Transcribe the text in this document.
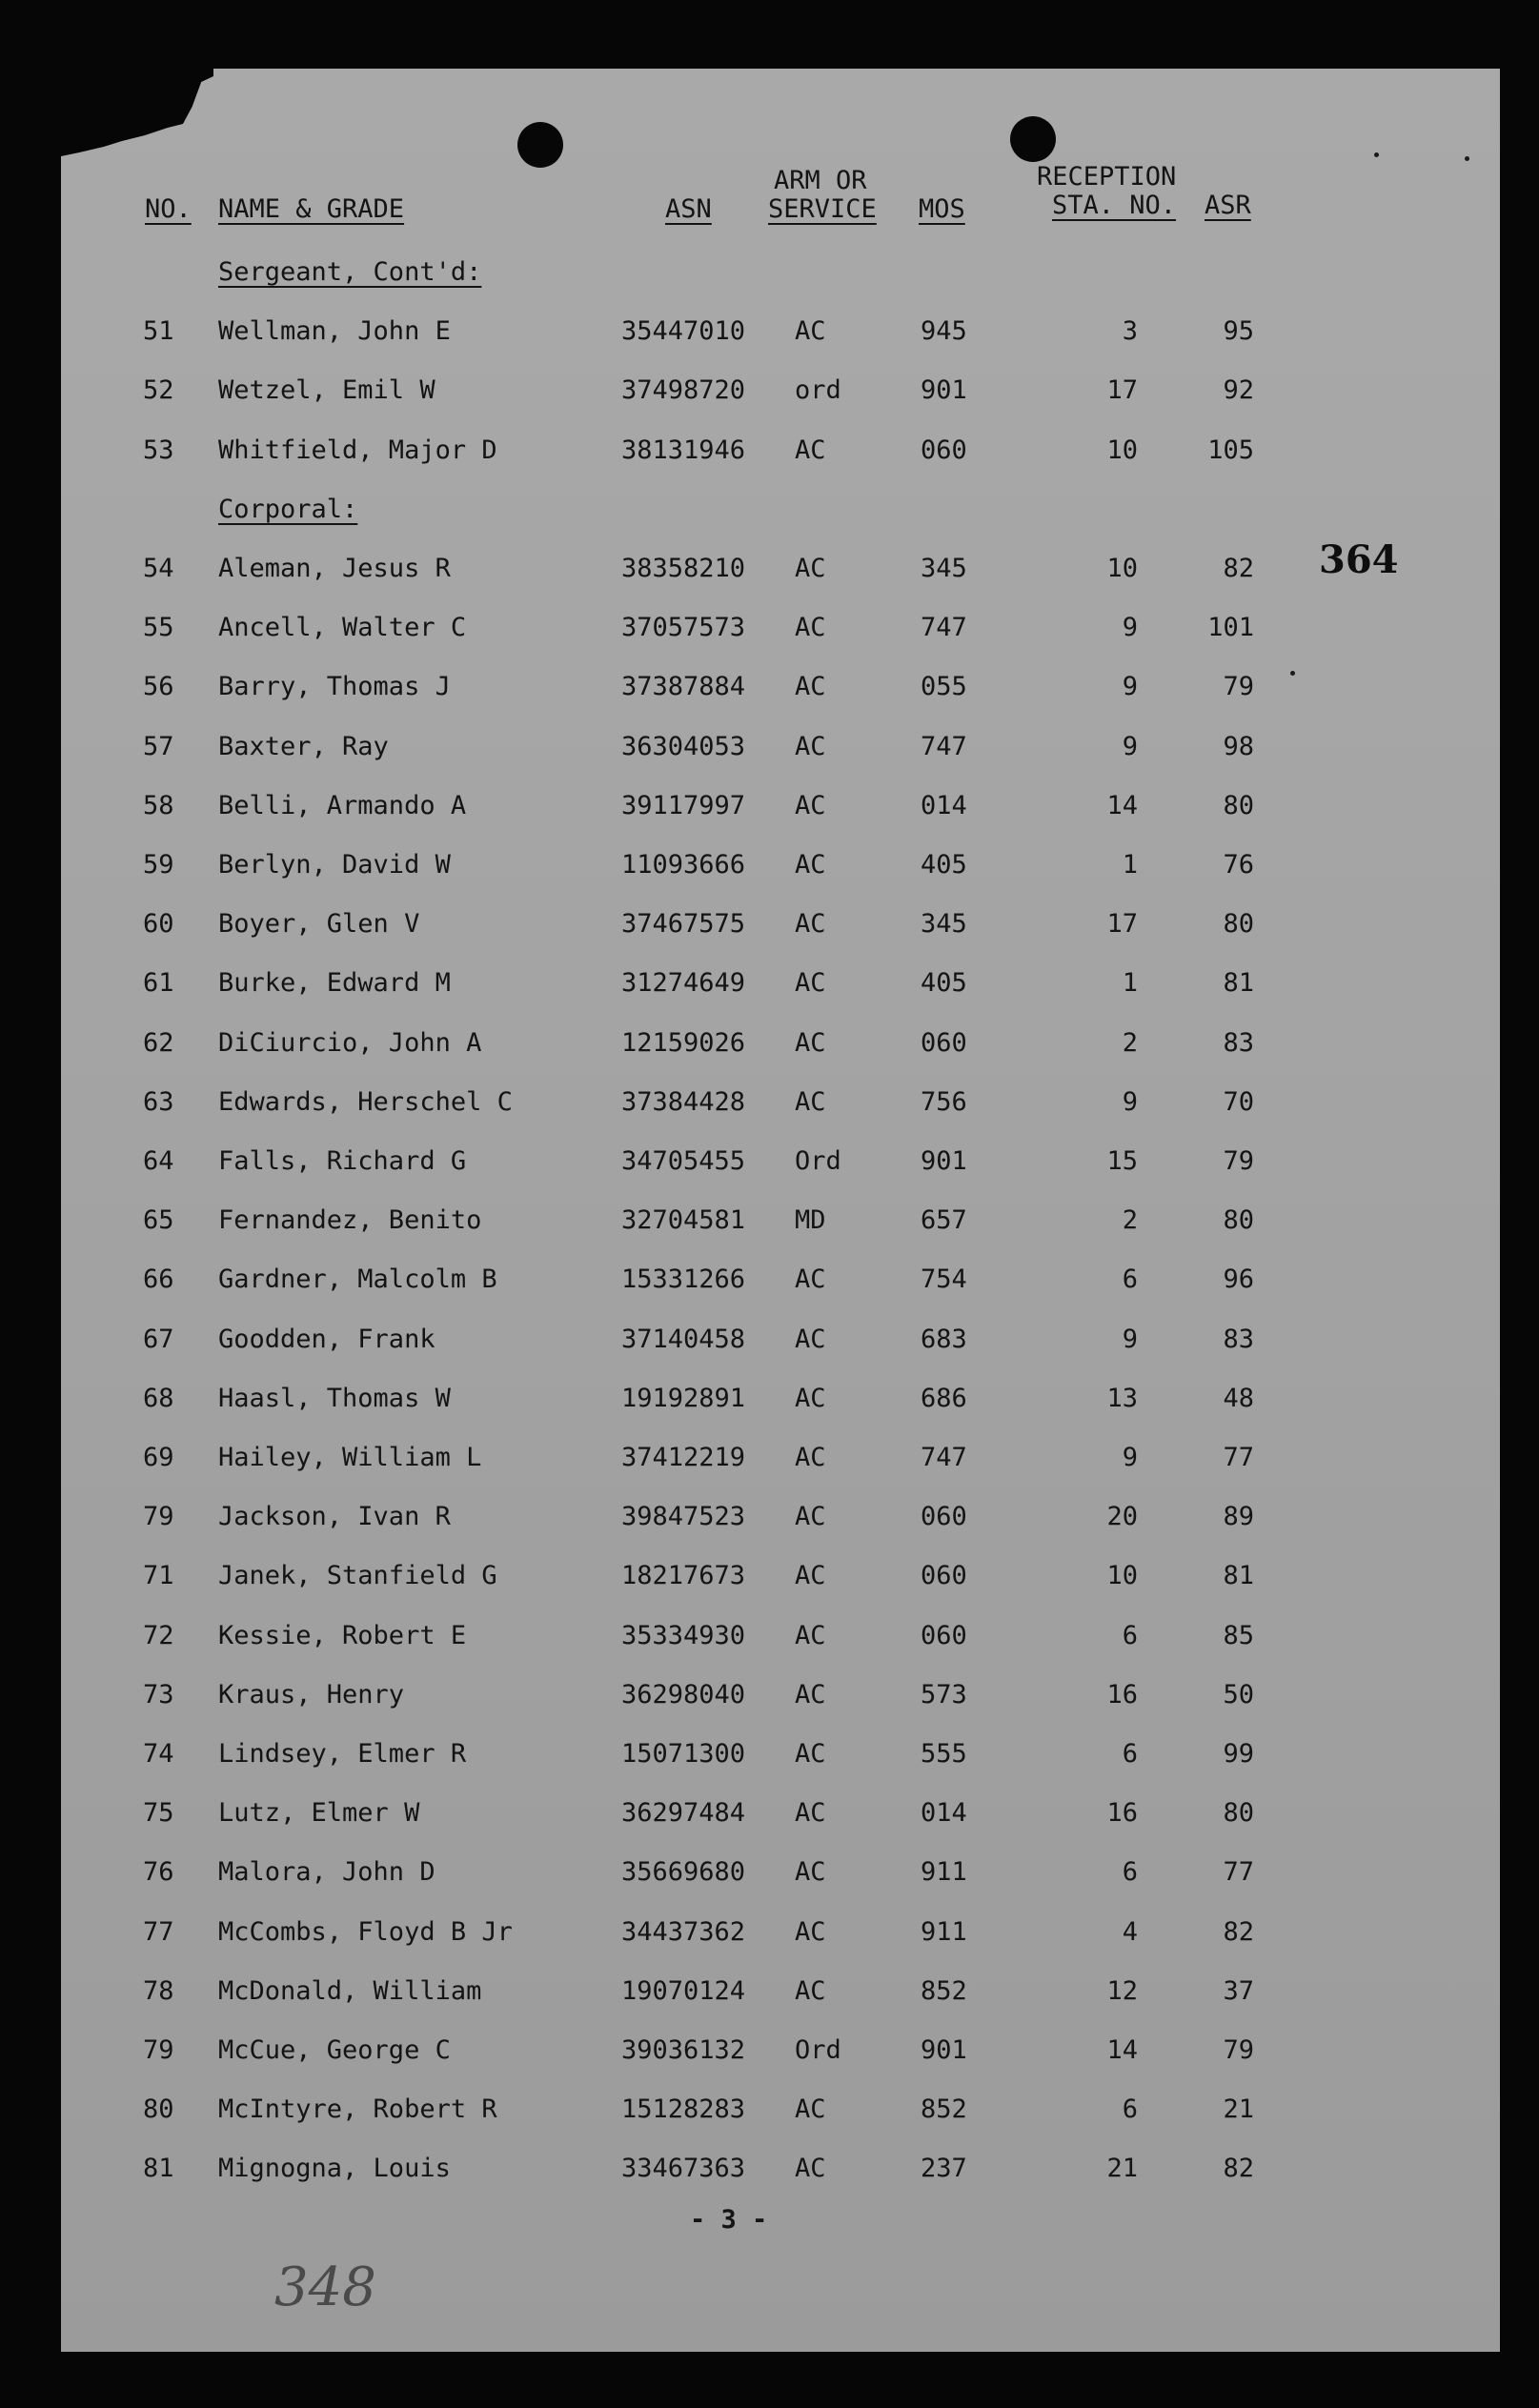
NO. NAME & GRADE	ASN
ARM OR
SERVICE MOS
RECEPTION
STA. NO. ASR
Sergeant, Cont'd:
51 Wellman, John E	35447010 AC	945	3	95
52 Wetzel, Emil W	37498720 ord	901	17	92
53 Whitfield, Major D	38131946 AC	060	10	105
Corporal:
54 Aleman, Jesus R	38358210 AC	345	10	82
55 Ancell, Walter C	37057573 AC	747	9	101
56 Barry, Thomas J	37387884 AC	055	9	79
57 Baxter, Ray	36304053 AC	747	9	98
58 Belli, Armando A	39117997 AC	014	14	80
59 Berlyn, David W	11093666 AC	405	1	76
60 Boyer, Glen V	37467575 AC	345	17	80
61 Burke, Edward M	31274649 AC	405	1	81
62 DiCiurcio, John A	12159026 AC	060	2	83
63 Edwards, Herschel C	37384428 AC	756	9	70
64 Falls, Richard G	34705455 Ord	901	15	79
65 Fernandez, Benito	32704581 MD	657	2	80
66 Gardner, Malcolm B	15331266 AC	754	6	96
67 Goodden, Frank	37140458 AC	683	9	83
68 Haasl, Thomas W	19192891 AC	686	13	48
69 Hailey, William L	37412219 AC	747	9	77
79 Jackson, Ivan R	39847523 AC	060	20	89
71 Janek, Stanfield G	18217673 AC	060	10	81
72 Kessie, Robert E	35334930 AC	060	6	85
73 Kraus, Henry	36298040 AC	573	16	50
74 Lindsey, Elmer R	15071300 AC	555	6	99
75 Lutz, Elmer W	36297484 AC	014	16	80
76 Malora, John D	35669680 AC	911	6	77
77 McCombs, Floyd B Jr	34437362 AC	911	4	82
78 McDonald, William	19070124 AC	852	12	37
79 McCue, George C	39036132 Ord	901	14	79
80 McIntyre, Robert R	15128283 AC	852	6	21
81 Mignogna, Louis	33467363 AC	237	21	82
364
- 3 -
348
